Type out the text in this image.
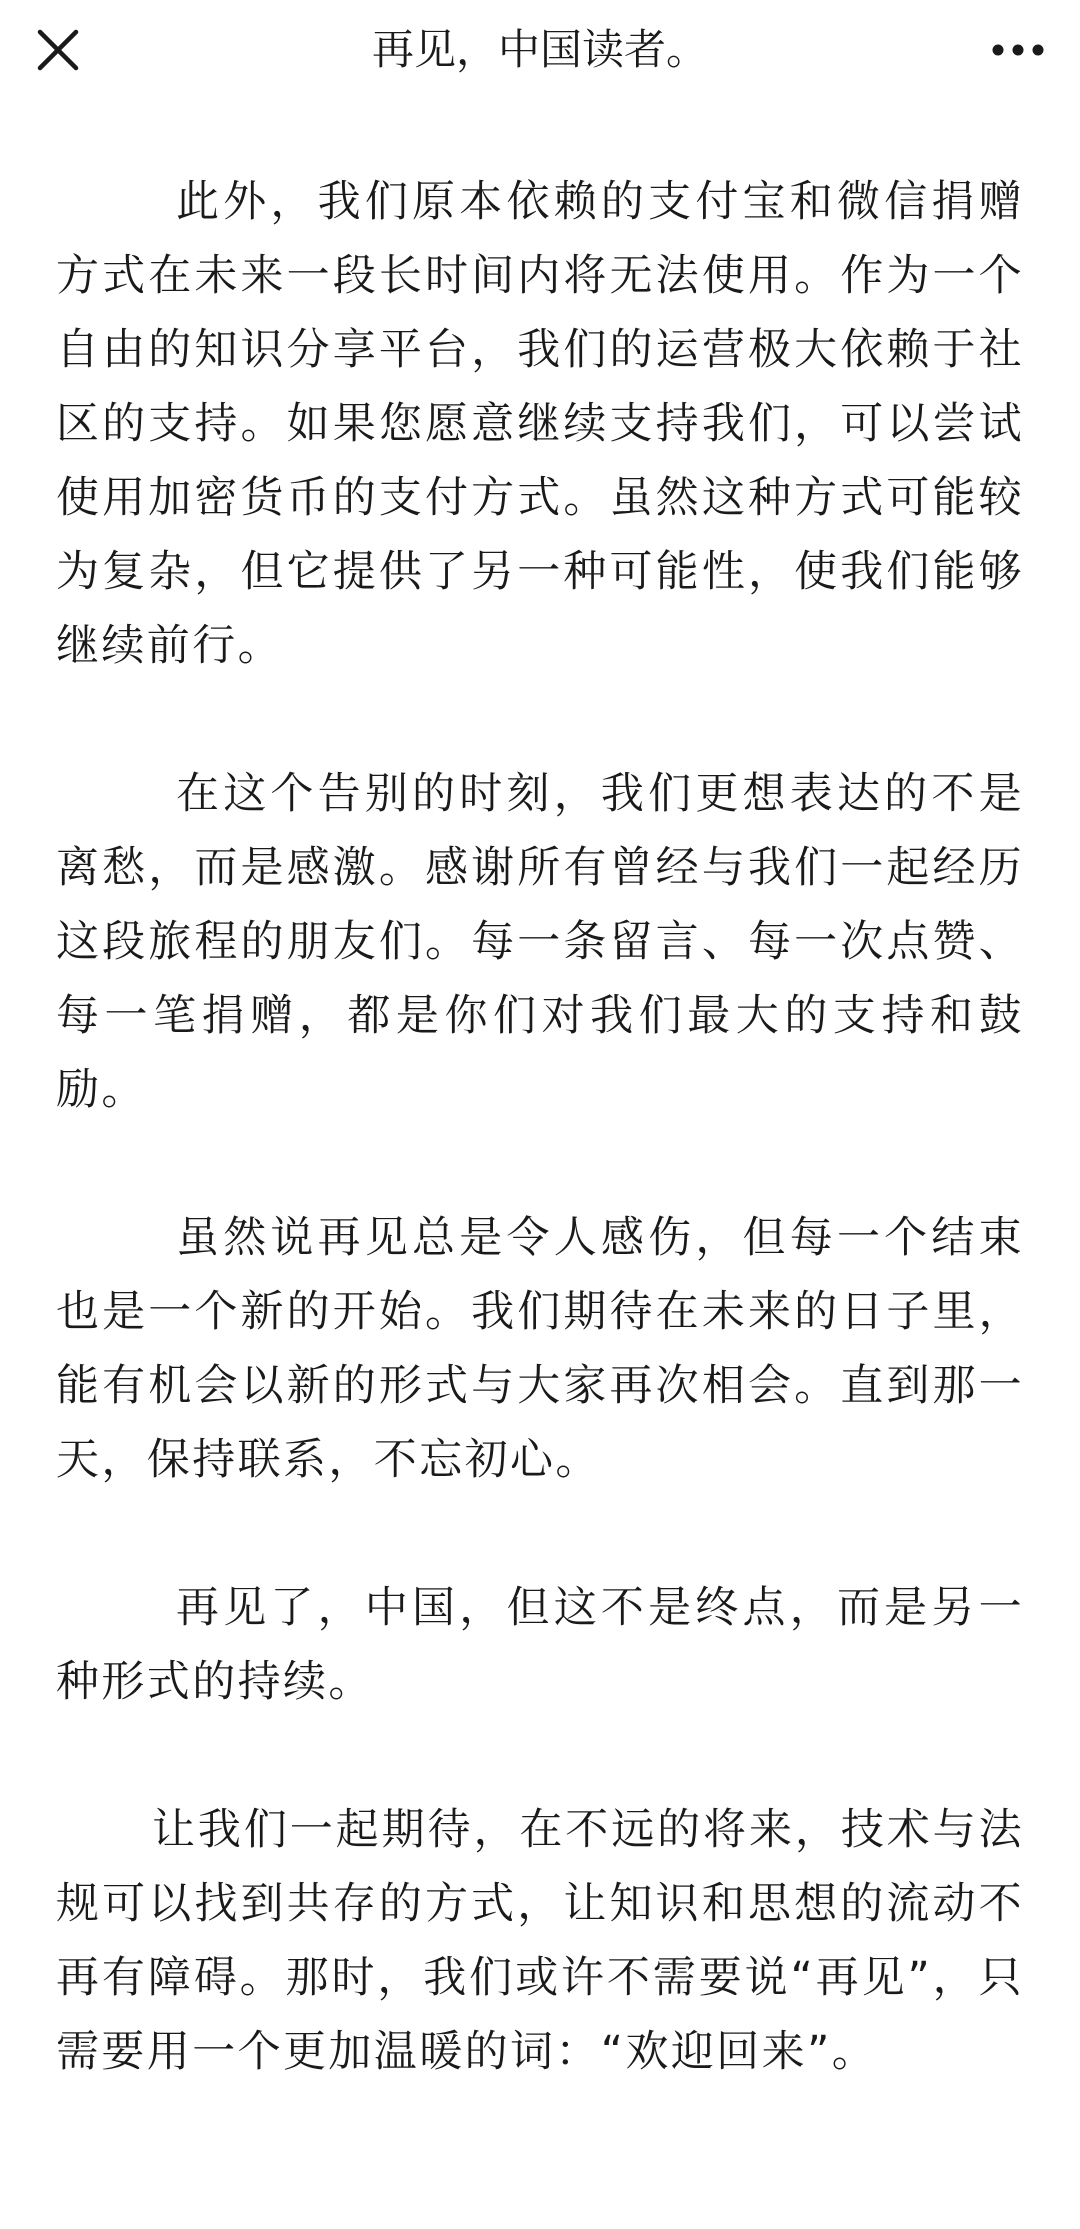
再见，中国读者。

此外，我们原本依赖的支付宝和微信捐赠方式在未来一段长时间内将无法使用。作为一个自由的知识分享平台，我们的运营极大依赖于社区的支持。如果您愿意继续支持我们，可以尝试使用加密货币的支付方式。虽然这种方式可能较为复杂，但它提供了另一种可能性，使我们能够继续前行。

在这个告别的时刻，我们更想表达的不是离愁，而是感激。感谢所有曾经与我们一起经历这段旅程的朋友们。每一条留言、每一次点赞、每一笔捐赠，都是你们对我们最大的支持和鼓励。

虽然说再见总是令人感伤，但每一个结束也是一个新的开始。我们期待在未来的日子里，能有机会以新的形式与大家再次相会。直到那一天，保持联系，不忘初心。

再见了，中国，但这不是终点，而是另一种形式的持续。

让我们一起期待，在不远的将来，技术与法规可以找到共存的方式，让知识和思想的流动不再有障碍。那时，我们或许不需要说“再见”，只需要用一个更加温暖的词：“欢迎回来”。
